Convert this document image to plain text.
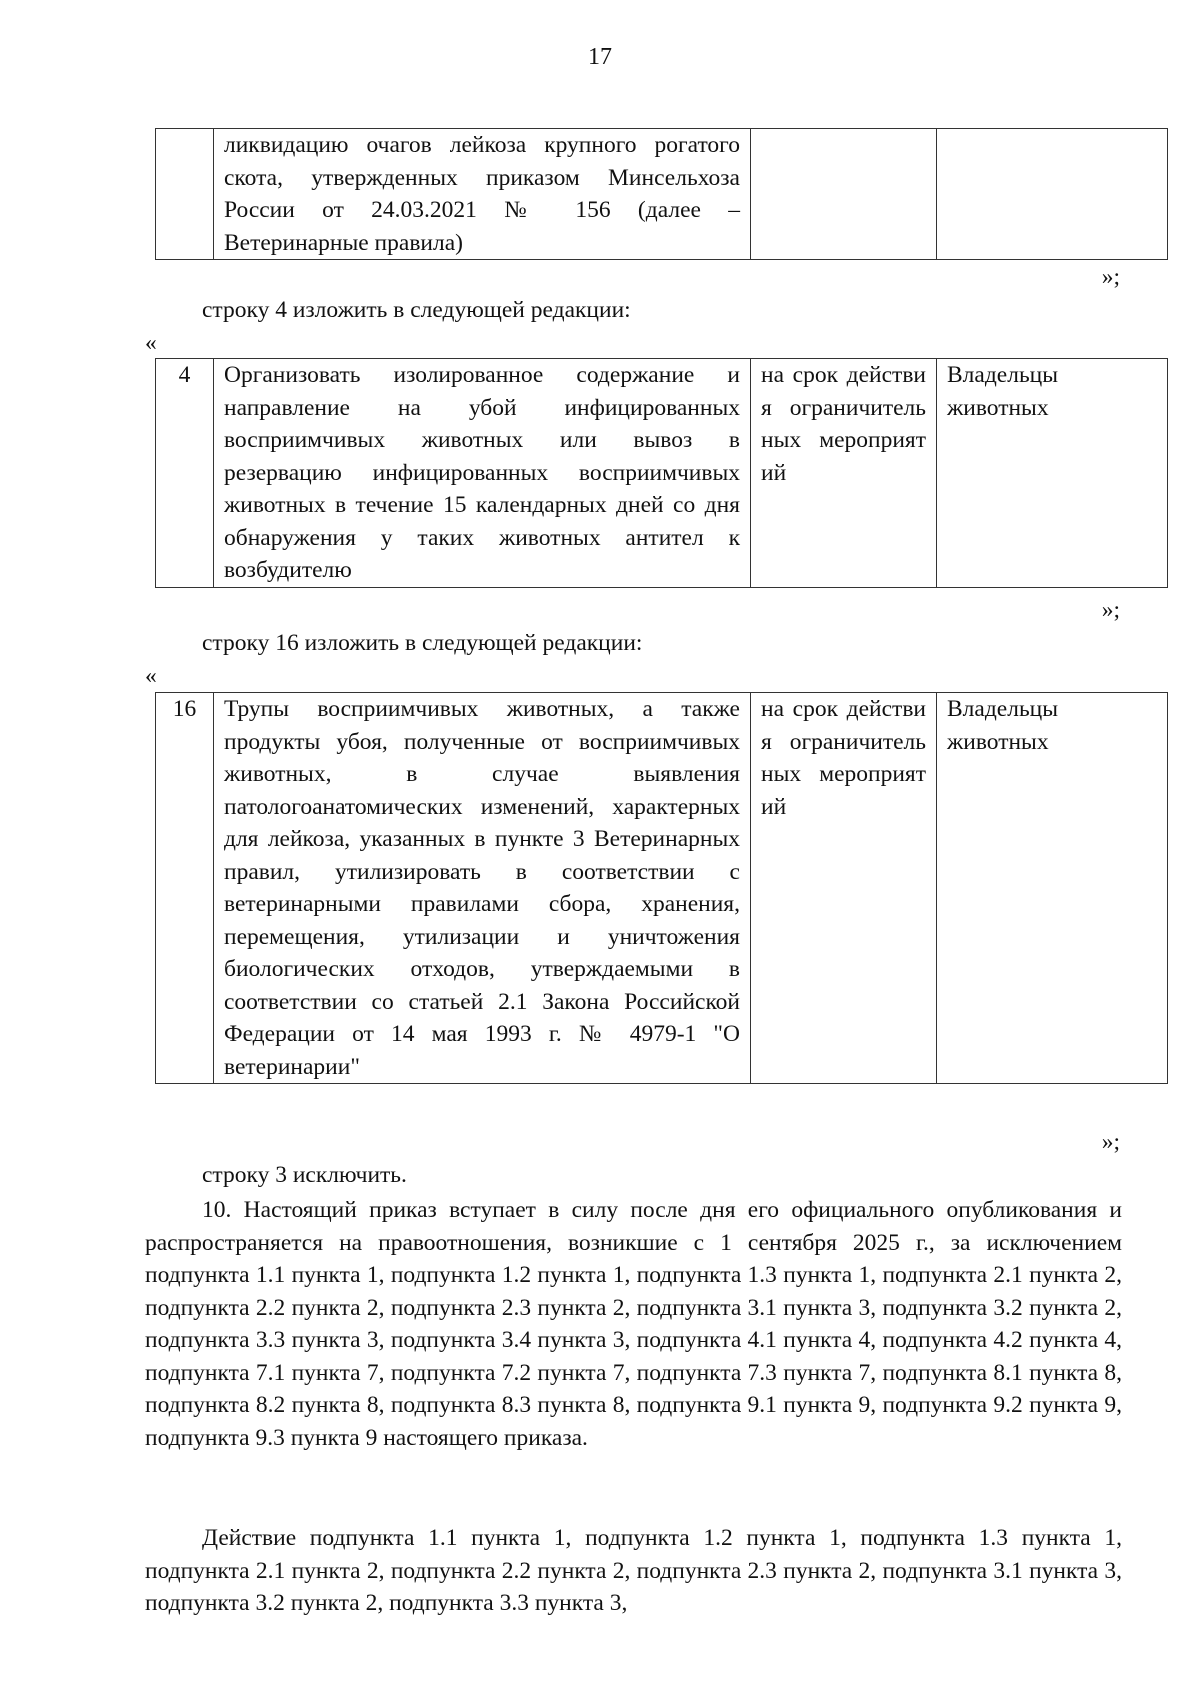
17
	ликвидацию очагов лейкоза крупного рогатого скота, утвержденных приказом Минсельхоза России от 24.03.2021 № 156 (далее – Ветеринарные правила)		
»;
строку 4 изложить в следующей редакции:
«
4	Организовать изолированное содержание и направление на убой инфицированных восприимчивых животных или вывоз в резервацию инфицированных восприимчивых животных в течение 15 календарных дней со дня обнаружения у таких животных антител к возбудителю	на срок действия ограничительных мероприятий	Владельцы животных
»;
строку 16 изложить в следующей редакции:
«
16	Трупы восприимчивых животных, а также продукты убоя, полученные от восприимчивых животных, в случае выявления патологоанатомических изменений, характерных для лейкоза, указанных в пункте 3 Ветеринарных правил, утилизировать в соответствии с ветеринарными правилами сбора, хранения, перемещения, утилизации и уничтожения биологических отходов, утверждаемыми в соответствии со статьей 2.1 Закона Российской Федерации от 14 мая 1993 г. № 4979-1 "О ветеринарии"	на срок действия ограничительных мероприятий	Владельцы животных
»;
строку 3 исключить.
10. Настоящий приказ вступает в силу после дня его официального опубликования и распространяется на правоотношения, возникшие с 1 сентября 2025 г., за исключением подпункта 1.1 пункта 1, подпункта 1.2 пункта 1, подпункта 1.3 пункта 1, подпункта 2.1 пункта 2, подпункта 2.2 пункта 2, подпункта 2.3 пункта 2, подпункта 3.1 пункта 3, подпункта 3.2 пункта 2, подпункта 3.3 пункта 3, подпункта 3.4 пункта 3, подпункта 4.1 пункта 4, подпункта 4.2 пункта 4, подпункта 7.1 пункта 7, подпункта 7.2 пункта 7, подпункта 7.3 пункта 7, подпункта 8.1 пункта 8, подпункта 8.2 пункта 8, подпункта 8.3 пункта 8, подпункта 9.1 пункта 9, подпункта 9.2 пункта 9, подпункта 9.3 пункта 9 настоящего приказа.
Действие подпункта 1.1 пункта 1, подпункта 1.2 пункта 1, подпункта 1.3 пункта 1, подпункта 2.1 пункта 2, подпункта 2.2 пункта 2, подпункта 2.3 пункта 2, подпункта 3.1 пункта 3, подпункта 3.2 пункта 2, подпункта 3.3 пункта 3,
